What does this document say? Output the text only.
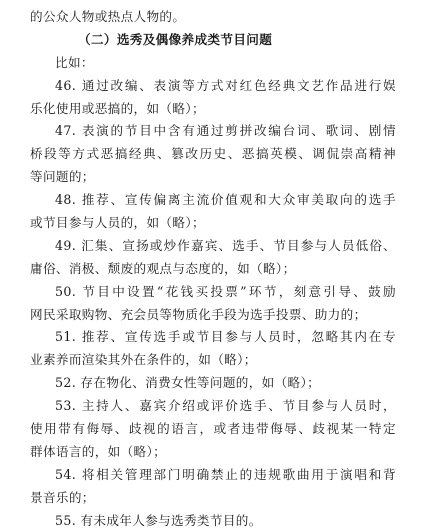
的公众人物或热点人物的。
（二）选秀及偶像养成类节目问题
比如：
46. 通过改编、表演等方式对红色经典文艺作品进行娱
乐化使用或恶搞的，如（略）；
47. 表演的节目中含有通过剪拼改编台词、歌词、剧情
桥段等方式恶搞经典、篡改历史、恶搞英模、调侃崇高精神
等问题的；
48. 推荐、宣传偏离主流价值观和大众审美取向的选手
或节目参与人员的，如（略）；
49. 汇集、宣扬或炒作嘉宾、选手、节目参与人员低俗、
庸俗、消极、颓废的观点与态度的，如（略）；
50. 节目中设置“花钱买投票”环节，刻意引导、鼓励
网民采取购物、充会员等物质化手段为选手投票、助力的；
51. 推荐、宣传选手或节目参与人员时，忽略其内在专
业素养而渲染其外在条件的，如（略）；
52. 存在物化、消费女性等问题的，如（略）；
53. 主持人、嘉宾介绍或评价选手、节目参与人员时，
使用带有侮辱、歧视的语言，或者违带侮辱、歧视某一特定
群体语言的，如（略）；
54. 将相关管理部门明确禁止的违规歌曲用于演唱和背
景音乐的；
55. 有未成年人参与选秀类节目的。
